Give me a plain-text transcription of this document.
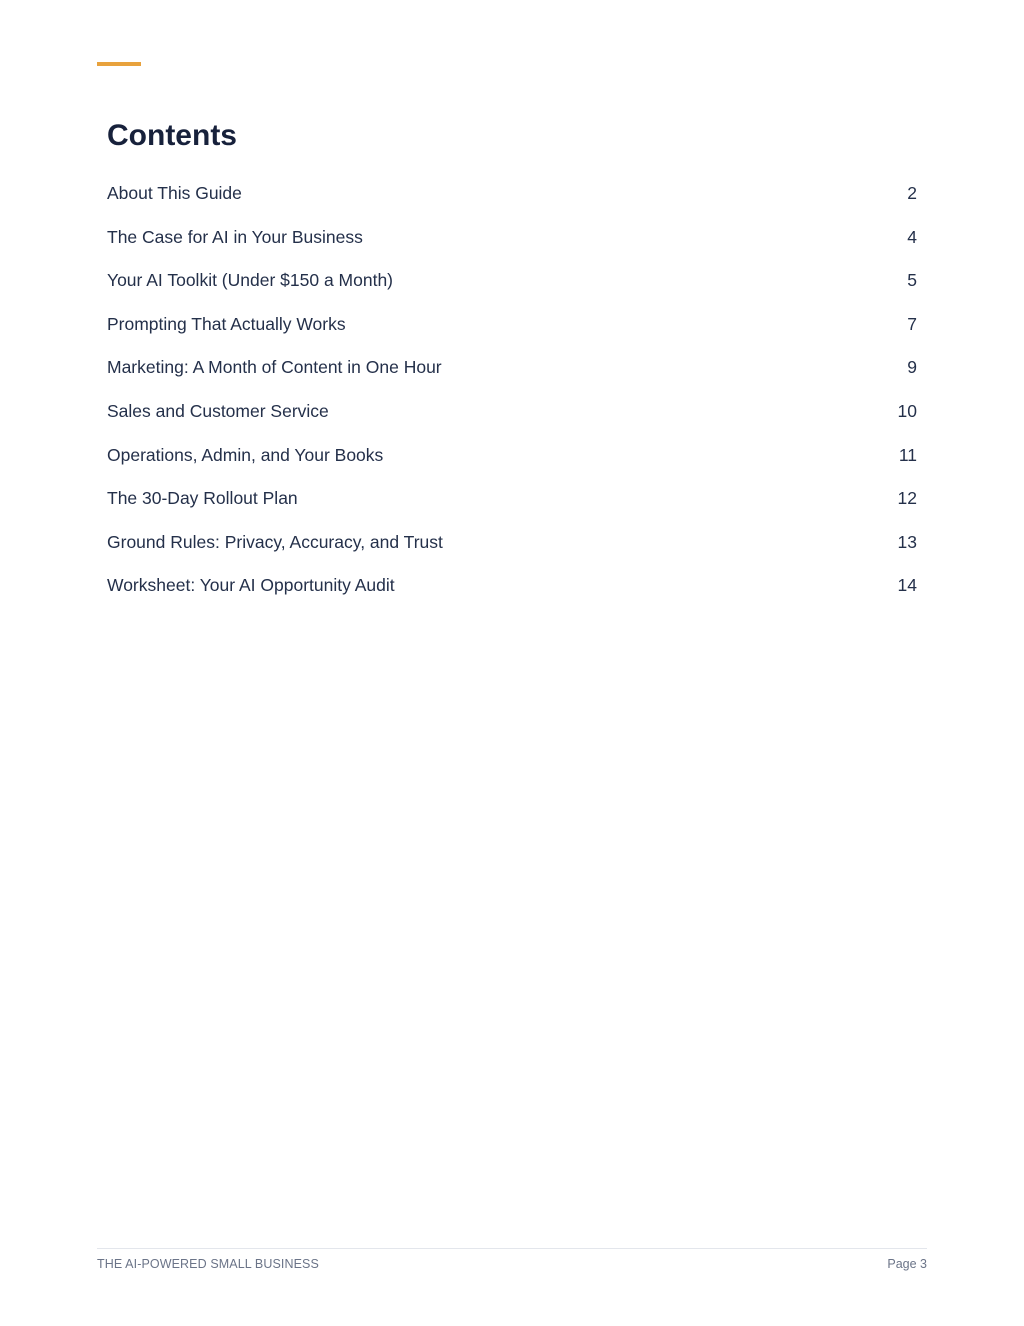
Contents
About This Guide	2
The Case for AI in Your Business	4
Your AI Toolkit (Under $150 a Month)	5
Prompting That Actually Works	7
Marketing: A Month of Content in One Hour	9
Sales and Customer Service	10
Operations, Admin, and Your Books	11
The 30-Day Rollout Plan	12
Ground Rules: Privacy, Accuracy, and Trust	13
Worksheet: Your AI Opportunity Audit	14
THE AI-POWERED SMALL BUSINESS	Page 3
